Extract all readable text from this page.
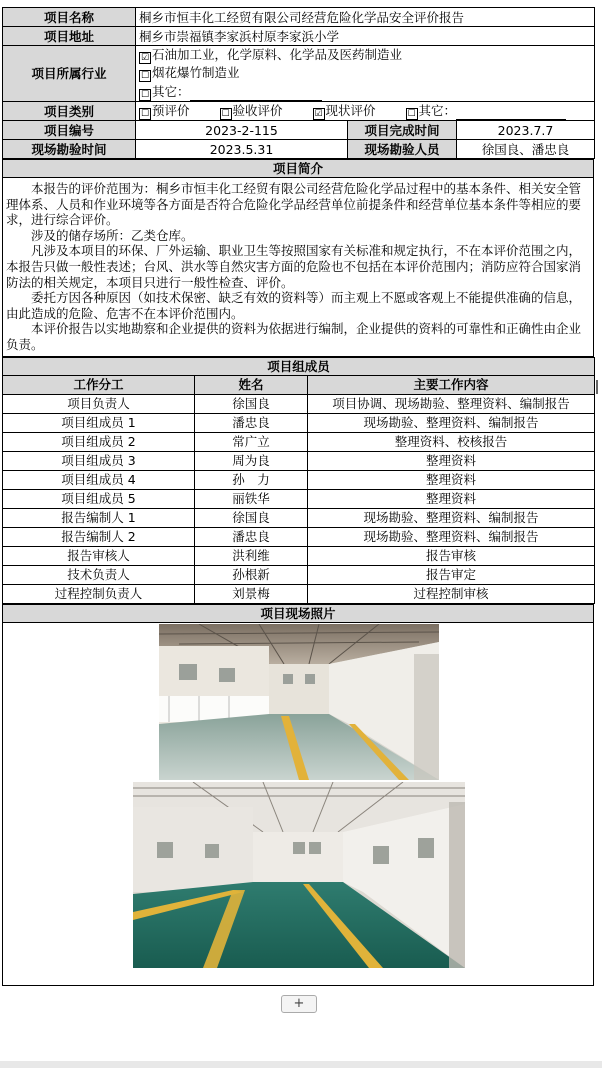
项目名称	桐乡市恒丰化工经贸有限公司经营危险化学品安全评价报告		
项目地址	桐乡市崇福镇李家浜村原李家浜小学		
项目所属行业	☑ 石油加工业，化学原料、化学品及医药制造业
☐ 烟花爆竹制造业
☐ 其它：		

项目类别	☐ 预评价 ☐ 验收评价 ☑ 现状评价 ☐ 其它：		
项目编号	2023-2-115	项目完成时间	2023.7.7
现场勘验时间	2023.5.31	现场勘验人员	徐国良、潘忠良
项目简介

本报告的评价范围为：桐乡市恒丰化工经贸有限公司经营危险化学品过程中的基本条件、相关安全管理体系、人员和作业环境等各方面是否符合危险化学品经营单位前提条件和经营单位基本条件等相应的要求，进行综合评价。

涉及的储存场所：乙类仓库。

凡涉及本项目的环保、厂外运输、职业卫生等按照国家有关标准和规定执行，不在本评价范围之内，本报告只做一般性表述；台风、洪水等自然灾害方面的危险也不包括在本评价范围内；消防应符合国家消防法的相关规定，本项目只进行一般性检查、评价。

委托方因各种原因（如技术保密、缺乏有效的资料等）而主观上不愿或客观上不能提供准确的信息，由此造成的危险、危害不在本评价范围内。

本评价报告以实地勘察和企业提供的资料为依据进行编制，企业提供的资料的可靠性和正确性由企业负责。

项目组成员		
工作分工	姓名	主要工作内容
项目负责人	徐国良	项目协调、现场勘验、整理资料、编制报告
项目组成员 1	潘忠良	现场勘验、整理资料、编制报告
项目组成员 2	常广立	整理资料、校核报告
项目组成员 3	周为良	整理资料
项目组成员 4	孙　力	整理资料
项目组成员 5	丽铁华	整理资料
报告编制人 1	徐国良	现场勘验、整理资料、编制报告
报告编制人 2	潘忠良	现场勘验、整理资料、编制报告
报告审核人	洪利维	报告审核
技术负责人	孙根新	报告审定
过程控制负责人	刘景梅	过程控制审核
项目现场照片

+
